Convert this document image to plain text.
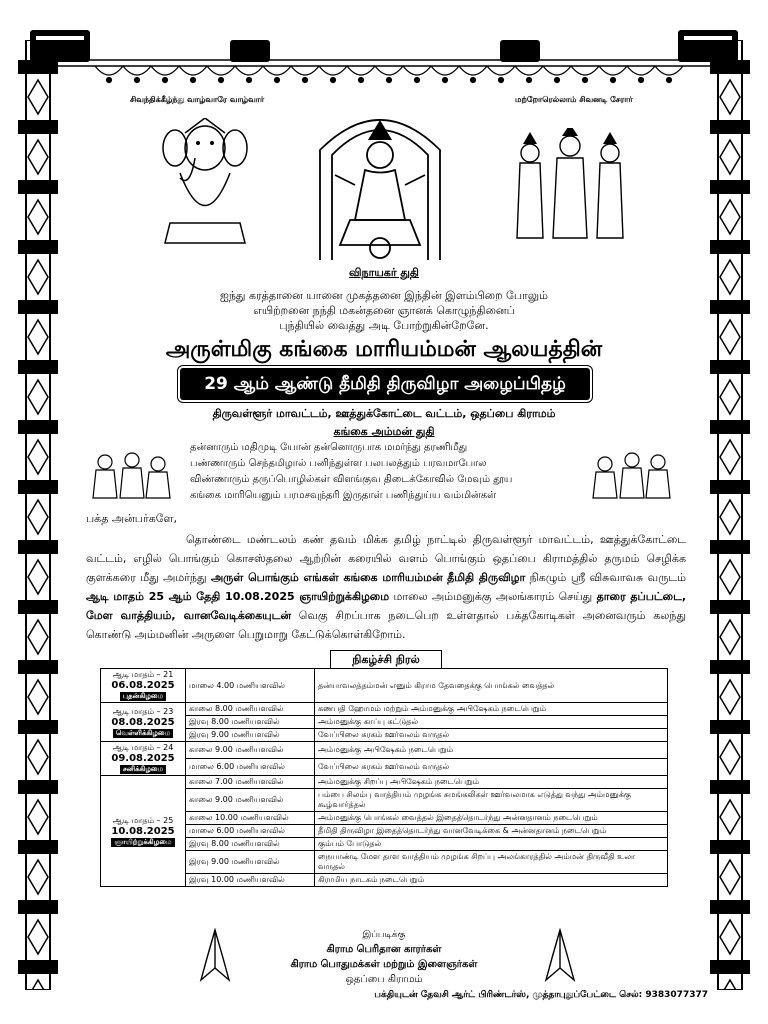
சிவந்திக்கீழ்ந்து வாழ்வாரே வாழ்வார்	மற்றோரெல்லாம் சிவனடி சேரார்
விநாயகர் துதி
ஐந்து கரத்தானை யானை முகத்தனை இந்தின் இளம்பிறை போலும்
எயிற்றனை நந்தி மகன்தனை ஞானக் கொழுந்தினைப்
புந்தியில் வைத்து அடி போற்றுகின்றேனே.
அருள்மிகு கங்கை மாரியம்மன் ஆலயத்தின்
29 ஆம் ஆண்டு தீமிதி திருவிழா அழைப்பிதழ்
திருவள்ளூர் மாவட்டம், ஊத்துக்கோட்டை வட்டம், ஒதப்பை கிராமம்
கங்கை அம்மன் துதி
தன்னாரும் மதிமுடி யோன் தன்னொருபாக மமர்ந்து தரணிமீது
பண்ணாரும் செந்தமிழால் பனிந்துள்ள பலபலத்தும் பரவமாபோல
விண்ணாரும் தருப்பொழில்கள் விளங்குவ திடைக்கோவில் மேவும் தூய
கங்கை மாரியெனும் பரமசவுந்தரி இருதாள் பணிந்துய்ய வம்மின்கள்
பக்த அன்பர்களே,
தொண்டை மண்டலம் கண் தவம் மிக்க தமிழ் நாட்டில் திருவள்ளூர் மாவட்டம், ஊத்துக்கோட்டை வட்டம், எழில் பொங்கும் கொசஸ்தலை ஆற்றின் கரையில் வளம் பொங்கும் ஒதப்பை கிராமத்தில் தருமம் செழிக்க குளக்கரை மீது அமர்ந்து அருள் பொங்கும் எங்கள் கங்கை மாரியம்மன் தீமிதி திருவிழா நிகழும் ஸ்ரீ விசுவாவசு வருடம் ஆடி மாதம் 25 ஆம் தேதி 10.08.2025 ஞாயிற்றுக்கிழமை மாலை அம்மனுக்கு அலங்காரம் செய்து தாரை தப்பட்டை, மேள வாத்தியம், வானவேடிக்கையுடன் வெகு சிறப்பாக நடைபெற உள்ளதால் பக்தகோடிகள் அனைவரும் கலந்து கொண்டு அம்மனின் அருளை பெறுமாறு கேட்டுக்கொள்கிறோம்.

ஆடி மாதம் – 21
06.08.2025
புதன்கிழமை	மாலை 4.00 மணியளவில்	தன்யாவலத்தம்மன் எனும் கிராம தேவதைக்கு பொங்கல் வைத்தல்

ஆடி மாதம் – 23
08.08.2025
வெள்ளிக்கிழமை	காலை 8.00 மணியளவில்	கணபதி ஹோமம் மற்றும் அம்மனுக்கு அபிஷேகம் நடைபெறும்
	இரவு 8.00 மணியளவில்	அம்மனுக்கு காப்பு கட்டுதல்
	இரவு 9.00 மணியளவில்	வேப்பிலை கரகம் ஊர்வலம் வருதல்

ஆடி மாதம் – 24
09.08.2025
சனிக்கிழமை	காலை 9.00 மணியளவில்	அம்மனுக்கு அபிஷேகம் நடைபெறும்
	மாலை 6.00 மணியளவில்	வேப்பிலை கரகம் ஊர்வலம் வருதல்

ஆடி மாதம் – 25
10.08.2025
ஞாயிற்றுக்கிழமை	காலை 7.00 மணியளவில்	அம்மனுக்கு சிறப்பு அபிஷேகம் நடைபெறும்
	காலை 9.00 மணியளவில்	பம்பை சிலம்பு வாத்தியம் முழங்க சுமங்கலிகள் ஊர்வலமாக எடுத்து வந்து அம்மனுக்கு கூழ்வார்த்தல்
	காலை 10.00 மணியளவில்	அம்மனுக்கு பொங்கல் வைத்தல் இதைத்தொடர்ந்து அன்னதானம் நடைபெறும்
	மாலை 6.00 மணியளவில்	தீமிதி திருவிழா இதைத்தொடர்ந்து வானவேடிக்கை & அன்னதானம் நடைபெறும்
	இரவு 8.00 மணியளவில்	கும்பம் போடுதல்
	இரவு 9.00 மணியளவில்	நையாண்டி மேள தாள வாத்தியம் முழங்க சிறப்பு அலங்காரத்தில் அம்மன் திருவீதி உலா வருதல்
	இரவு 10.00 மணியளவில்	கிராமிய நாடகம் நடைபெறும்
நிகழ்ச்சி நிரல்
இப்படிக்கு
கிராம பெரிதான காரர்கள்
கிராம பொதுமக்கள் மற்றும் இளைஞர்கள்
ஒதப்பை கிராமம்
பக்தியுடன் தேவசி ஆர்ட் பிரிண்டர்ஸ், முத்தாபுதுப்பேட்டை செல்: 9383077377
